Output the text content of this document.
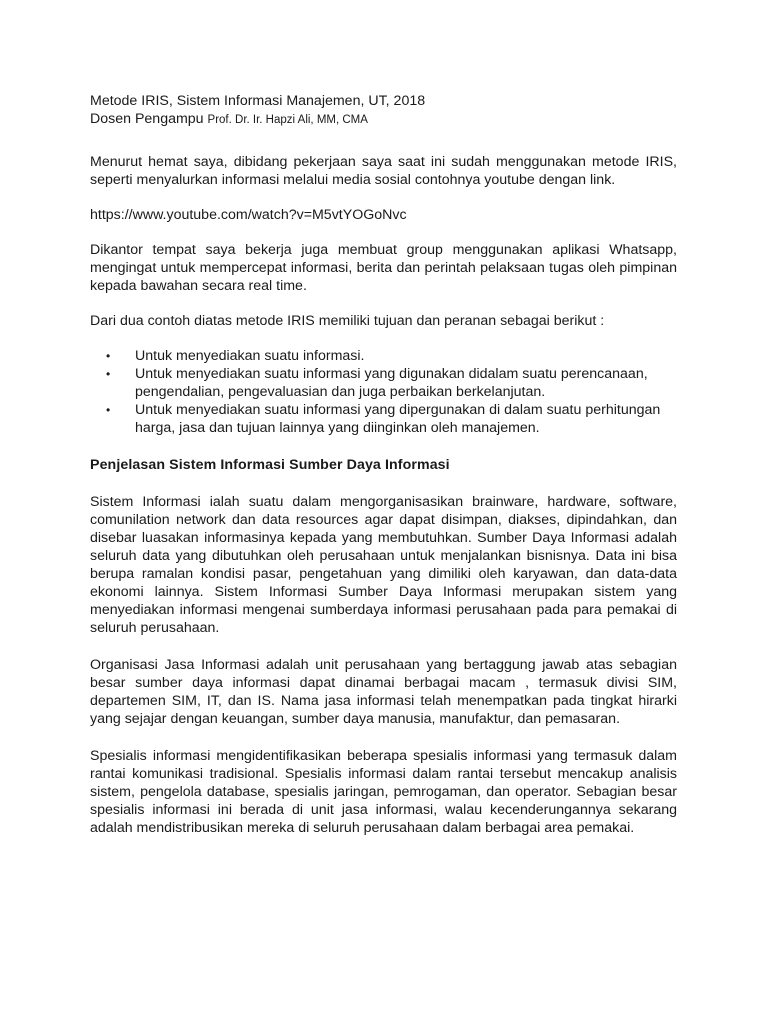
Metode IRIS, Sistem Informasi Manajemen, UT, 2018
Dosen Pengampu Prof. Dr. Ir. Hapzi Ali, MM, CMA

Menurut hemat saya, dibidang pekerjaan saya saat ini sudah menggunakan metode IRIS, seperti menyalurkan informasi melalui media sosial contohnya youtube dengan link.

https://www.youtube.com/watch?v=M5vtYOGoNvc

Dikantor tempat saya bekerja juga membuat group menggunakan aplikasi Whatsapp, mengingat untuk mempercepat informasi, berita dan perintah pelaksaan tugas oleh pimpinan kepada bawahan secara real time.

Dari dua contoh diatas metode IRIS memiliki tujuan dan peranan sebagai berikut :

• Untuk menyediakan suatu informasi.
• Untuk menyediakan suatu informasi yang digunakan didalam suatu perencanaan, pengendalian, pengevaluasian dan juga perbaikan berkelanjutan.
• Untuk menyediakan suatu informasi yang dipergunakan di dalam suatu perhitungan harga, jasa dan tujuan lainnya yang diinginkan oleh manajemen.
Penjelasan Sistem Informasi Sumber Daya Informasi

Sistem Informasi ialah suatu dalam mengorganisasikan brainware, hardware, software, comunilation network dan data resources agar dapat disimpan, diakses, dipindahkan, dan disebar luasakan informasinya kepada yang membutuhkan. Sumber Daya Informasi adalah seluruh data yang dibutuhkan oleh perusahaan untuk menjalankan bisnisnya. Data ini bisa berupa ramalan kondisi pasar, pengetahuan yang dimiliki oleh karyawan, dan data-data ekonomi lainnya. Sistem Informasi Sumber Daya Informasi merupakan sistem yang menyediakan informasi mengenai sumberdaya informasi perusahaan pada para pemakai di seluruh perusahaan.

Organisasi Jasa Informasi adalah unit perusahaan yang bertaggung jawab atas sebagian besar sumber daya informasi dapat dinamai berbagai macam , termasuk divisi SIM, departemen SIM, IT, dan IS. Nama jasa informasi telah menempatkan pada tingkat hirarki yang sejajar dengan keuangan, sumber daya manusia, manufaktur, dan pemasaran.

Spesialis informasi mengidentifikasikan beberapa spesialis informasi yang termasuk dalam rantai komunikasi tradisional. Spesialis informasi dalam rantai tersebut mencakup analisis sistem, pengelola database, spesialis jaringan, pemrogaman, dan operator. Sebagian besar spesialis informasi ini berada di unit jasa informasi, walau kecenderungannya sekarang adalah mendistribusikan mereka di seluruh perusahaan dalam berbagai area pemakai.
